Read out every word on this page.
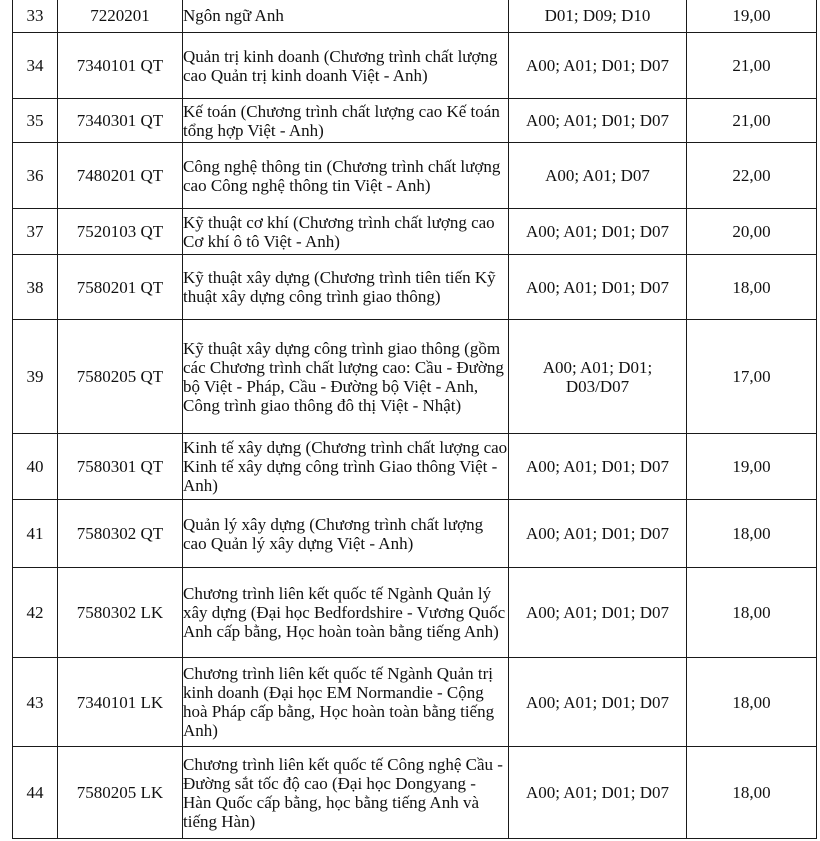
33	7220201	Ngôn ngữ Anh	D01; D09; D10	19,00
34	7340101 QT	Quản trị kinh doanh (Chương trình chất lượng cao Quản trị kinh doanh Việt - Anh)	A00; A01; D01; D07	21,00
35	7340301 QT	Kế toán (Chương trình chất lượng cao Kế toán tổng hợp Việt - Anh)	A00; A01; D01; D07	21,00
36	7480201 QT	Công nghệ thông tin (Chương trình chất lượng cao Công nghệ thông tin Việt - Anh)	A00; A01; D07	22,00
37	7520103 QT	Kỹ thuật cơ khí (Chương trình chất lượng cao Cơ khí ô tô Việt - Anh)	A00; A01; D01; D07	20,00
38	7580201 QT	Kỹ thuật xây dựng (Chương trình tiên tiến Kỹ thuật xây dựng công trình giao thông)	A00; A01; D01; D07	18,00
39	7580205 QT	Kỹ thuật xây dựng công trình giao thông (gồm các Chương trình chất lượng cao: Cầu - Đường bộ Việt - Pháp, Cầu - Đường bộ Việt - Anh, Công trình giao thông đô thị Việt - Nhật)	A00; A01; D01; D03/D07	17,00
40	7580301 QT	Kinh tế xây dựng (Chương trình chất lượng cao Kinh tế xây dựng công trình Giao thông Việt - Anh)	A00; A01; D01; D07	19,00
41	7580302 QT	Quản lý xây dựng (Chương trình chất lượng cao Quản lý xây dựng Việt - Anh)	A00; A01; D01; D07	18,00
42	7580302 LK	Chương trình liên kết quốc tế Ngành Quản lý xây dựng (Đại học Bedfordshire - Vương Quốc Anh cấp bằng, Học hoàn toàn bằng tiếng Anh)	A00; A01; D01; D07	18,00
43	7340101 LK	Chương trình liên kết quốc tế Ngành Quản trị kinh doanh (Đại học EM Normandie - Cộng hoà Pháp cấp bằng, Học hoàn toàn bằng tiếng Anh)	A00; A01; D01; D07	18,00
44	7580205 LK	Chương trình liên kết quốc tế Công nghệ Cầu - Đường sắt tốc độ cao (Đại học Dongyang - Hàn Quốc cấp bằng, học bằng tiếng Anh và tiếng Hàn)	A00; A01; D01; D07	18,00
